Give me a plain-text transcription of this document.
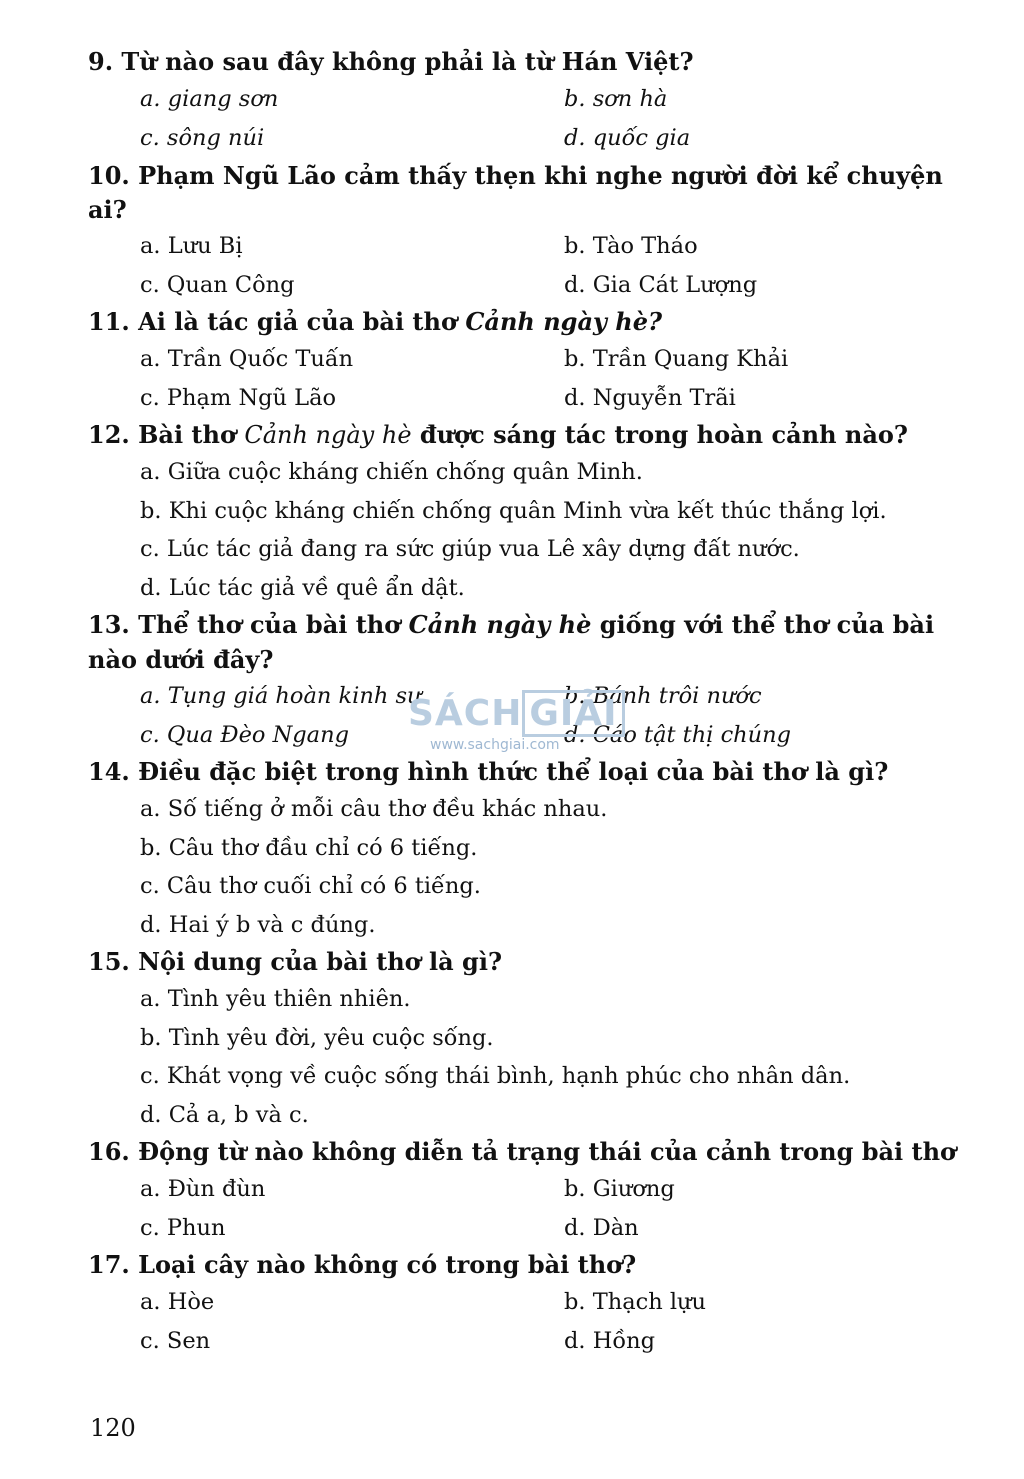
9. Từ nào sau đây không phải là từ Hán Việt?

a. giang sơn	b. sơn hà
c. sông núi	d. quốc gia

10. Phạm Ngũ Lão cảm thấy thẹn khi nghe người đời kể chuyện ai?

a. Lưu Bị	b. Tào Tháo
c. Quan Công	d. Gia Cát Lượng

11. Ai là tác giả của bài thơ Cảnh ngày hè?

a. Trần Quốc Tuấn	b. Trần Quang Khải
c. Phạm Ngũ Lão	d. Nguyễn Trãi

12. Bài thơ Cảnh ngày hè được sáng tác trong hoàn cảnh nào?

a. Giữa cuộc kháng chiến chống quân Minh.
b. Khi cuộc kháng chiến chống quân Minh vừa kết thúc thắng lợi.
c. Lúc tác giả đang ra sức giúp vua Lê xây dựng đất nước.
d. Lúc tác giả về quê ẩn dật.

13. Thể thơ của bài thơ Cảnh ngày hè giống với thể thơ của bài nào dưới đây?

a. Tụng giá hoàn kinh sư	b. Bánh trôi nước
c. Qua Đèo Ngang	d. Cáo tật thị chúng

14. Điều đặc biệt trong hình thức thể loại của bài thơ là gì?

a. Số tiếng ở mỗi câu thơ đều khác nhau.
b. Câu thơ đầu chỉ có 6 tiếng.
c. Câu thơ cuối chỉ có 6 tiếng.
d. Hai ý b và c đúng.

15. Nội dung của bài thơ là gì?

a. Tình yêu thiên nhiên.
b. Tình yêu đời, yêu cuộc sống.
c. Khát vọng về cuộc sống thái bình, hạnh phúc cho nhân dân.
d. Cả a, b và c.

16. Động từ nào không diễn tả trạng thái của cảnh trong bài thơ

a. Đùn đùn	b. Giương
c. Phun	d. Dàn

17. Loại cây nào không có trong bài thơ?

a. Hòe	b. Thạch lựu
c. Sen	d. Hồng
SÁCH GIẢI
www.sachgiai.com
120
